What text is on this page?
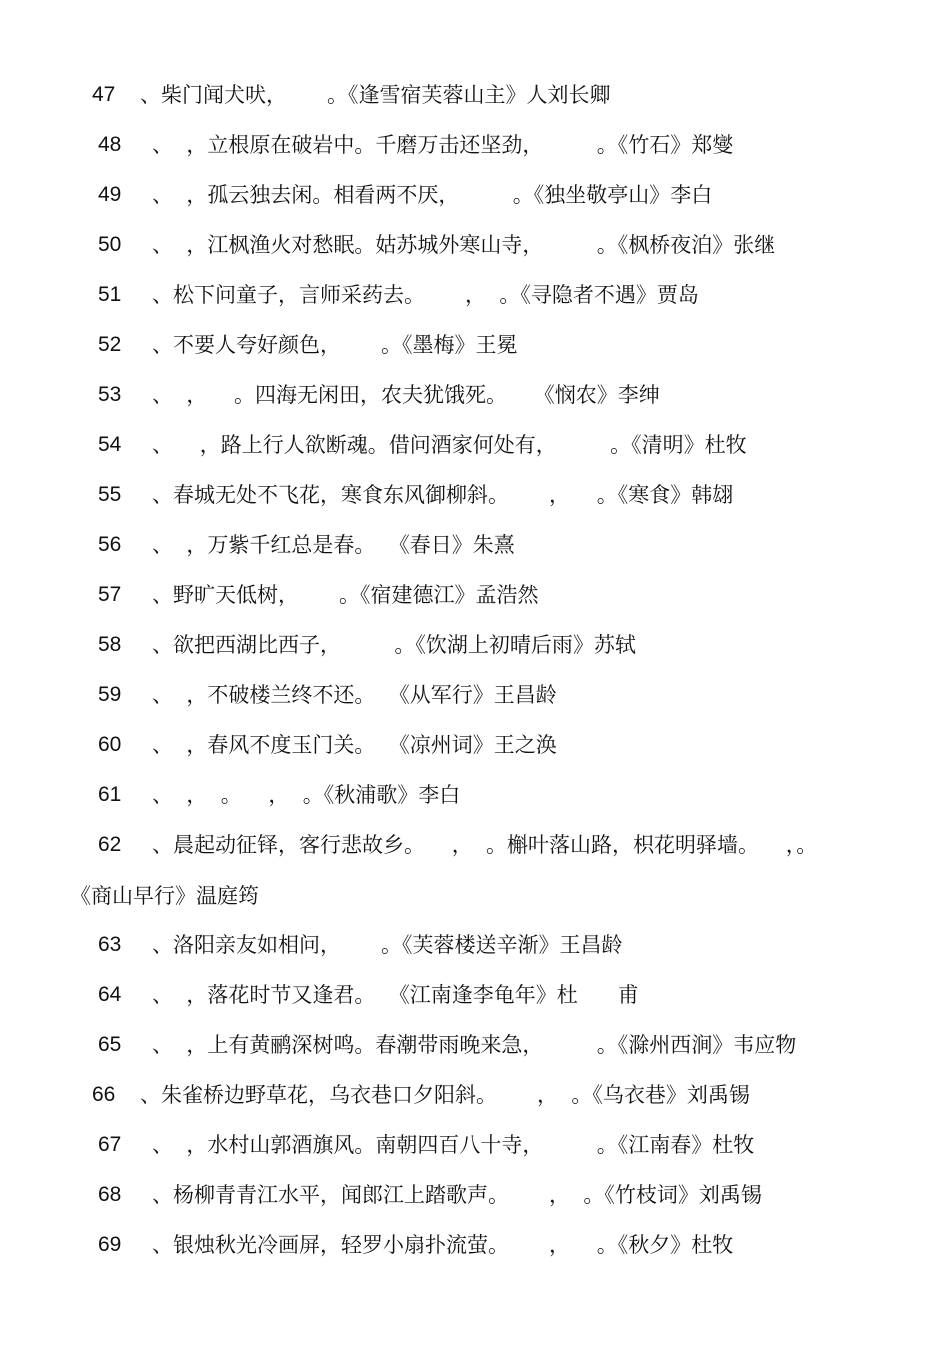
47 、柴门闻犬吠，      。《逢雪宿芙蓉山主》人刘长卿
48 、  ，立根原在破岩中。千磨万击还坚劲，        。《竹石》郑燮
49 、  ，孤云独去闲。相看两不厌，        。《独坐敬亭山》李白
50 、  ，江枫渔火对愁眠。姑苏城外寒山寺，        。《枫桥夜泊》张继
51 、松下问童子，言师采药去。      ，  。《寻隐者不遇》贾岛
52 、不要人夸好颜色，      。《墨梅》王冕
53 、  ，    。四海无闲田，农夫犹饿死。    《悯农》李绅
54 、    ，路上行人欲断魂。借问酒家何处有，        。《清明》杜牧
55 、春城无处不飞花，寒食东风御柳斜。      ，    。《寒食》韩翃
56 、  ，万紫千红总是春。  《春日》朱熹
57 、野旷天低树，      。《宿建德江》孟浩然
58 、欲把西湖比西子，        。《饮湖上初晴后雨》苏轼
59 、  ，不破楼兰终不还。  《从军行》王昌龄
60 、  ，春风不度玉门关。  《凉州词》王之涣
61 、  ，  。    ，  。《秋浦歌》李白
62 、晨起动征铎，客行悲故乡。    ，  。槲叶落山路，枳花明驿墙。    ，。
《商山早行》温庭筠
63 、洛阳亲友如相问，      。《芙蓉楼送辛渐》王昌龄
64 、  ，落花时节又逢君。  《江南逢李龟年》杜      甫
65 、  ，上有黄鹂深树鸣。春潮带雨晚来急，        。《滁州西涧》韦应物
66 、朱雀桥边野草花，乌衣巷口夕阳斜。      ，  。《乌衣巷》刘禹锡
67 、  ，水村山郭酒旗风。南朝四百八十寺，        。《江南春》杜牧
68 、杨柳青青江水平，闻郎江上踏歌声。      ，  。《竹枝词》刘禹锡
69 、银烛秋光冷画屏，轻罗小扇扑流萤。      ，    。《秋夕》杜牧
